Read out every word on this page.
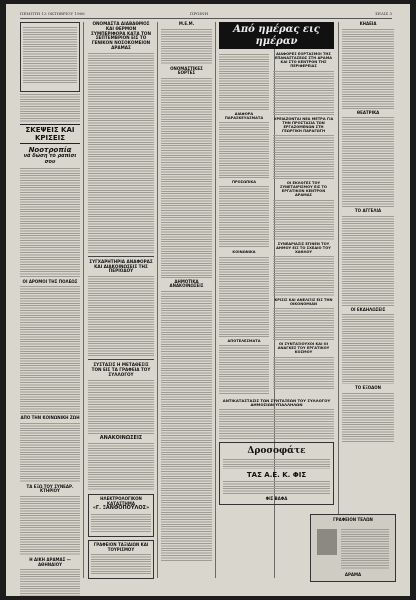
ΠΕΜΠΤΗ 13 ΟΚΤΩΒΡΙΟΥ 1966	ΠΡΩΙΝΗ	ΣΕΛΙΣ 3
ΣΚΕΨΕΙΣ ΚΑΙ ΚΡΙΣΕΙΣ
Νοοτροπία
νά δώση τό ραπίσι σου
ΟΙ ΔΡΟΜΟΙ ΤΗΣ ΠΟΛΕΩΣ
ΑΠΟ ΤΗΝ ΚΟΙΝΩΝΙΚΗ ΖΩΗ
ΤΑ ΕΞΩ ΤΟΥ ΣΥΝΕΔΡ. ΚΤΗΡΙΟΥ
Η ΔΙΚΗ ΔΡΑΜΑΣ — ΑΘΗΝΑΙΟΥ
ΟΝΟΜΑΣΤΑ ΔΙΑΒΑΘΜΟΣ ΚΑΙ ΘΕΡΜΟΝ ΣΥΜΠΕΡΙΦΟΡΑ ΚΑΤΑ ΤΟΝ ΣΕΠΤΕΜΒΡΙΟΝ ΕΙΣ ΤΟ ΓΕΝΙΚΟΝ ΝΟΣΟΚΟΜΕΙΟΝ ΔΡΑΜΑΣ
ΣΥΓΧΑΡΗΤΗΡΙΑ ΑΝΑΦΟΡΑΣ ΚΑΙ ΔΙΑΚΟΙΝΩΣΕΙΣ ΤΗΣ ΠΕΡΙΟΔΟΥ
ΣΥΣΤΑΣΙΣ Η ΜΕΤΑΘΕΣΙΣ ΤΟΝ ΕΙΣ ΤΑ ΓΡΑΦΕΙΑ ΤΟΥ ΣΥΛΛΟΓΟΥ
ΑΝΑΚΟΙΝΩΣΕΙΣ
ΗΛΕΚΤΡΟΛΟΓΙΚΟΝ ΚΑΤΑΣΤΗΜΑ
«Γ. ΞΑΝΘΟΠΟΥΛΟΣ»
ΓΡΑΦΕΙΟΝ ΤΑΞΙΔΙΩΝ ΚΑΙ ΤΟΥΡΙΣΜΟΥ
Μ.Ε.Μ.
ΟΝΟΜΑΣΤΙΚΕΣ ΕΟΡΤΕΣ
ΔΗΜΟΤΙΚΑ ΑΝΑΚΟΙΝΩΣΕΙΣ
Από ημέρας εις ημέραν
ΔΙΑΦΟΡΑ ΠΑΡΑΣΚΕΥΑΣΜΑΤΑ
ΠΡΟΣΩΠΙΚΑ
ΚΟΙΝΩΝΙΚΑ
ΑΠΟΤΕΛΕΣΜΑΤΑ
ΔΙΑΦΟΡΕΣ ΕΟΡΤΑΣΜΟΙ ΤΗΣ ΕΠΑΝΑΣΤΑΣΕΩΣ ΣΤΗ ΔΡΑΜΑ ΚΑΙ ΣΤΟ ΚΕΝΤΡΟΝ ΤΗΣ ΠΕΡΙΦΕΡΕΙΑΣ
ΧΡΕΙΑΖΟΝΤΑΙ ΝΕΑ ΜΕΤΡΑ ΓΙΑ ΤΗΝ ΠΡΟΣΤΑΣΙΑ ΤΩΝ ΕΡΓΑΖΟΜΕΝΩΝ ΣΤΗ ΓΕΩΡΓΙΚΗ ΠΑΡΑΓΩΓΗ
ΟΙ ΕΚΛΟΓΕΣ ΤΟΥ ΣΥΝΕΤΑΙΡΙΣΜΟΥ ΕΙΣ ΤΟ ΕΡΓΑΤΙΚΟΝ ΚΕΝΤΡΟΝ ΔΡΑΜΑΣ
ΣΥΝΕΔΡΙΑΣΙΣ ΕΓΙΝΕΝ ΤΟΥ ΔΗΜΟΥ ΕΙΣ ΤΟ ΣΧΕΔΙΟ ΤΟΥ ΧΑΘΛΟΥ
ΚΡΙΣΙΣ ΚΑΙ ΑΝΕΛΙΞΙΣ ΕΙΣ ΤΗΝ ΟΙΚΟΝΟΜΙΑΝ
ΟΙ ΣΥΝΤΑΞΙΟΥΧΟΙ ΚΑΙ ΟΙ ΑΝΑΓΚΕΣ ΤΟΥ ΕΡΓΑΤΙΚΟΥ ΚΟΣΜΟΥ
ΑΝΤΙΚΑΤΑΣΤΑΣΙΣ ΤΩΝ ΣΥΝΤΑΞΕΩΝ ΤΟΥ ΣΥΛΛΟΓΟΥ ΔΗΜΟΣΙΩΝ ΥΠΑΛΛΗΛΩΝ
Δροσοφάτε
ΤΑΣ Α.Ε. Κ. ΦΙΣ
ΦΙΣ ΒΑΦΑ
ΚΗΔΕΙΑ
ΘΕΑΤΡΙΚΑ
ΤΟ ΑΓΓΕΛΙΑ
ΟΙ ΕΚΔΗΛΩΣΕΙΣ
ΤΟ ΕΞΟΔΟΝ
ΓΡΑΦΕΙΟΝ ΤΕΛΩΝ
ΔΡΑΜΑ
